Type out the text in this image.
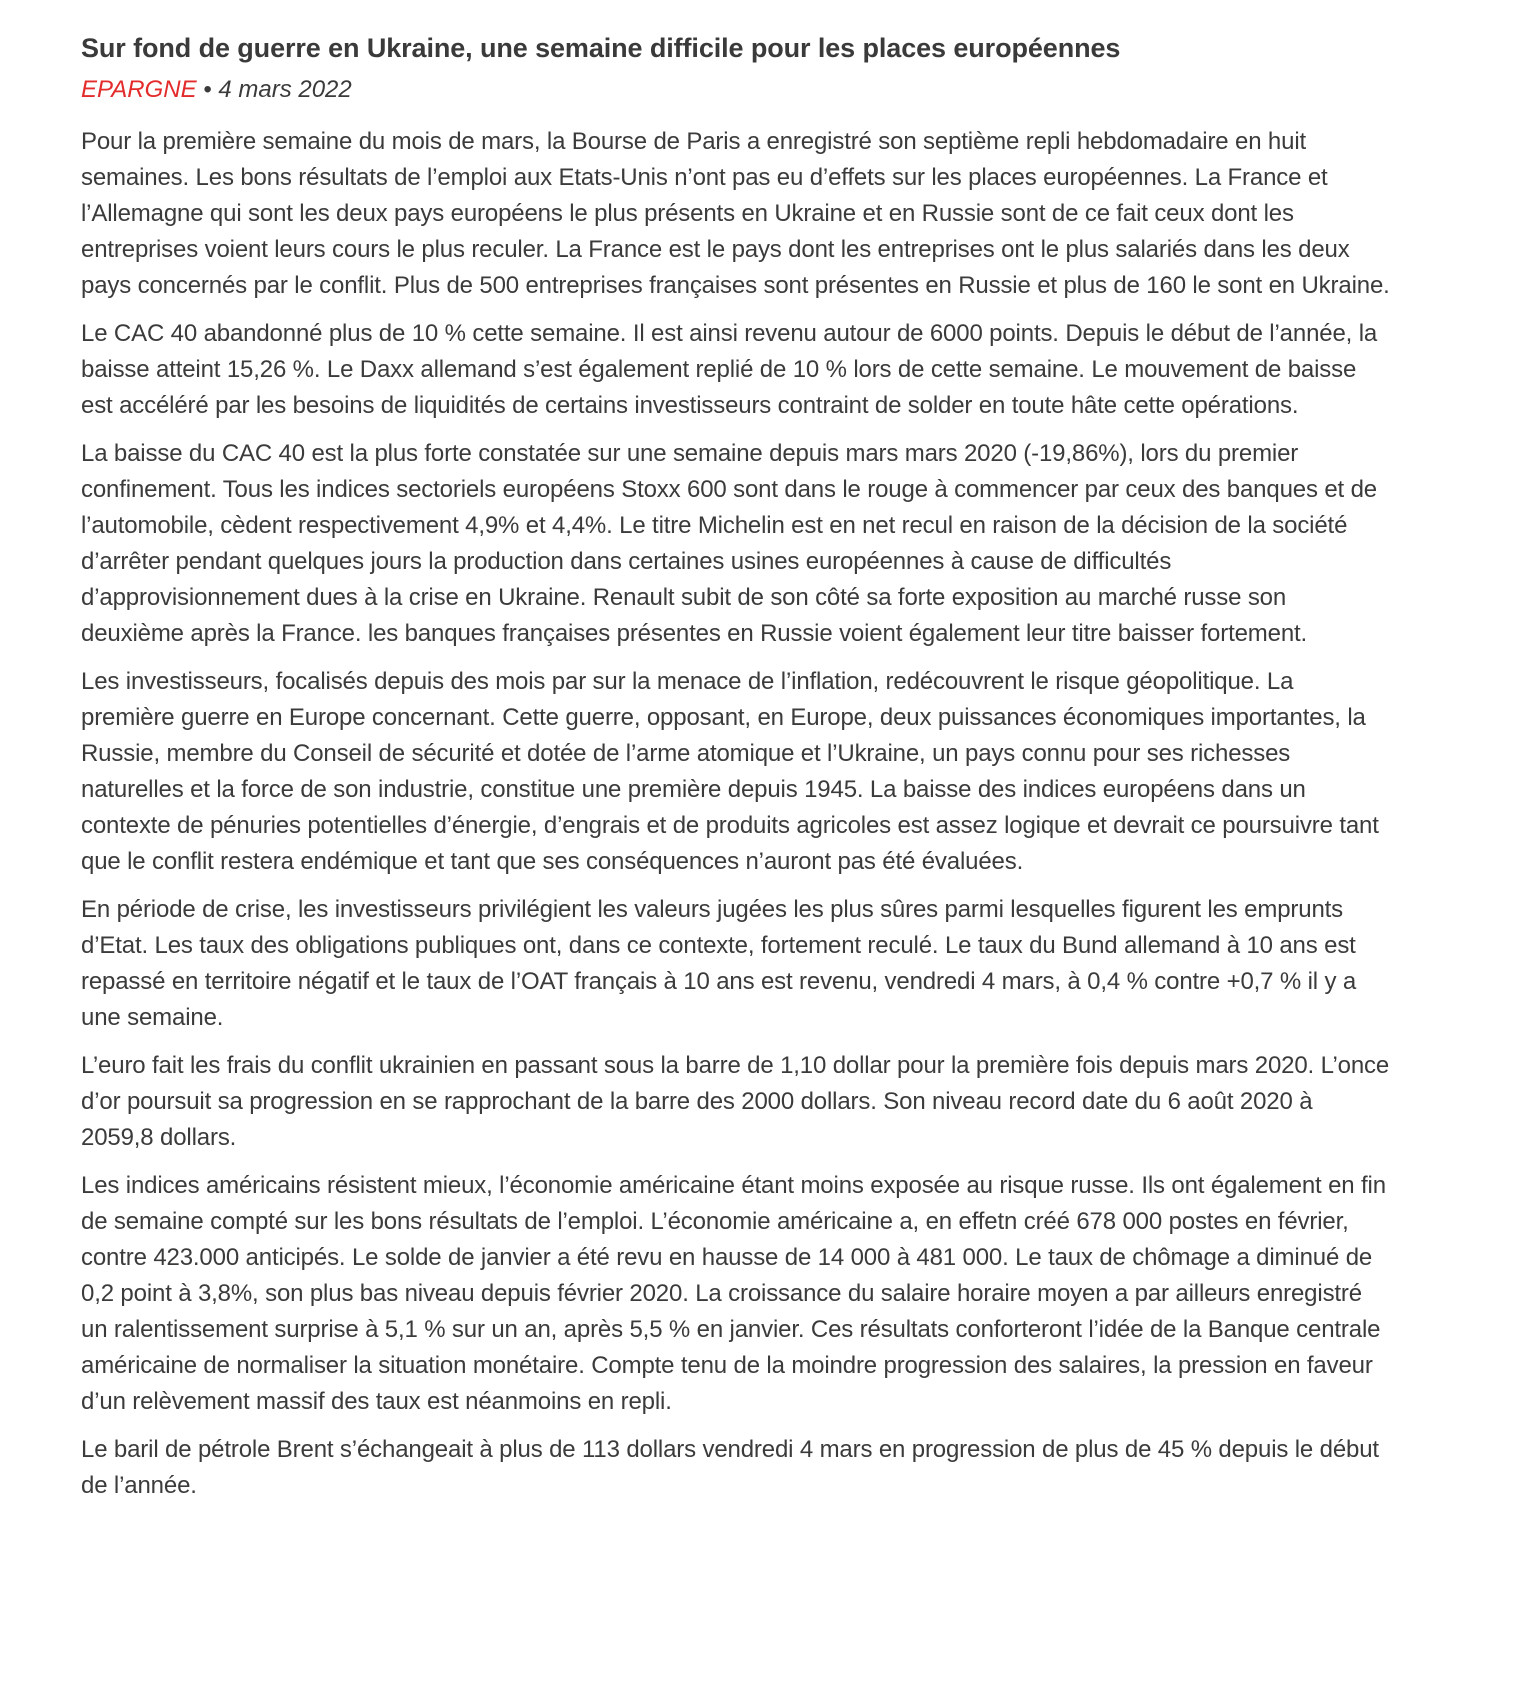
Sur fond de guerre en Ukraine, une semaine difficile pour les places européennes
EPARGNE • 4 mars 2022

Pour la première semaine du mois de mars, la Bourse de Paris a enregistré son septième repli hebdomadaire en huit semaines. Les bons résultats de l’emploi aux Etats-Unis n’ont pas eu d’effets sur les places européennes. La France et l’Allemagne qui sont les deux pays européens le plus présents en Ukraine et en Russie sont de ce fait ceux dont les entreprises voient leurs cours le plus reculer. La France est le pays dont les entreprises ont le plus salariés dans les deux pays concernés par le conflit. Plus de 500 entreprises françaises sont présentes en Russie et plus de 160 le sont en Ukraine.

Le CAC 40 abandonné plus de 10 % cette semaine. Il est ainsi revenu autour de 6000 points. Depuis le début de l’année, la baisse atteint 15,26 %. Le Daxx allemand s’est également replié de 10 % lors de cette semaine. Le mouvement de baisse est accéléré par les besoins de liquidités de certains investisseurs contraint de solder en toute hâte cette opérations.

La baisse du CAC 40 est la plus forte constatée sur une semaine depuis mars mars 2020 (-19,86%), lors du premier confinement. Tous les indices sectoriels européens Stoxx 600 sont dans le rouge à commencer par ceux des banques et de l’automobile, cèdent respectivement 4,9% et 4,4%. Le titre Michelin est en net recul en raison de la décision de la société d’arrêter pendant quelques jours la production dans certaines usines européennes à cause de difficultés d’approvisionnement dues à la crise en Ukraine. Renault subit de son côté sa forte exposition au marché russe son deuxième après la France. les banques françaises présentes en Russie voient également leur titre baisser fortement.

Les investisseurs, focalisés depuis des mois par sur la menace de l’inflation, redécouvrent le risque géopolitique. La première guerre en Europe concernant. Cette guerre, opposant, en Europe, deux puissances économiques importantes, la Russie, membre du Conseil de sécurité et dotée de l’arme atomique et l’Ukraine, un pays connu pour ses richesses naturelles et la force de son industrie, constitue une première depuis 1945. La baisse des indices européens dans un contexte de pénuries potentielles d’énergie, d’engrais et de produits agricoles est assez logique et devrait ce poursuivre tant que le conflit restera endémique et tant que ses conséquences n’auront pas été évaluées.

En période de crise, les investisseurs privilégient les valeurs jugées les plus sûres parmi lesquelles figurent les emprunts d’Etat. Les taux des obligations publiques ont, dans ce contexte, fortement reculé. Le taux du Bund allemand à 10 ans est repassé en territoire négatif et le taux de l’OAT français à 10 ans est revenu, vendredi 4 mars, à 0,4 % contre +0,7 % il y a une semaine.

L’euro fait les frais du conflit ukrainien en passant sous la barre de 1,10 dollar pour la première fois depuis mars 2020. L’once d’or poursuit sa progression en se rapprochant de la barre des 2000 dollars. Son niveau record date du 6 août 2020 à 2059,8 dollars.

Les indices américains résistent mieux, l’économie américaine étant moins exposée au risque russe. Ils ont également en fin de semaine compté sur les bons résultats de l’emploi. L’économie américaine a, en effetn créé 678 000 postes en février, contre 423.000 anticipés. Le solde de janvier a été revu en hausse de 14 000 à 481 000. Le taux de chômage a diminué de 0,2 point à 3,8%, son plus bas niveau depuis février 2020. La croissance du salaire horaire moyen a par ailleurs enregistré un ralentissement surprise à 5,1 % sur un an, après 5,5 % en janvier. Ces résultats conforteront l’idée de la Banque centrale américaine de normaliser la situation monétaire. Compte tenu de la moindre progression des salaires, la pression en faveur d’un relèvement massif des taux est néanmoins en repli.

Le baril de pétrole Brent s’échangeait à plus de 113 dollars vendredi 4 mars en progression de plus de 45 % depuis le début de l’année.
